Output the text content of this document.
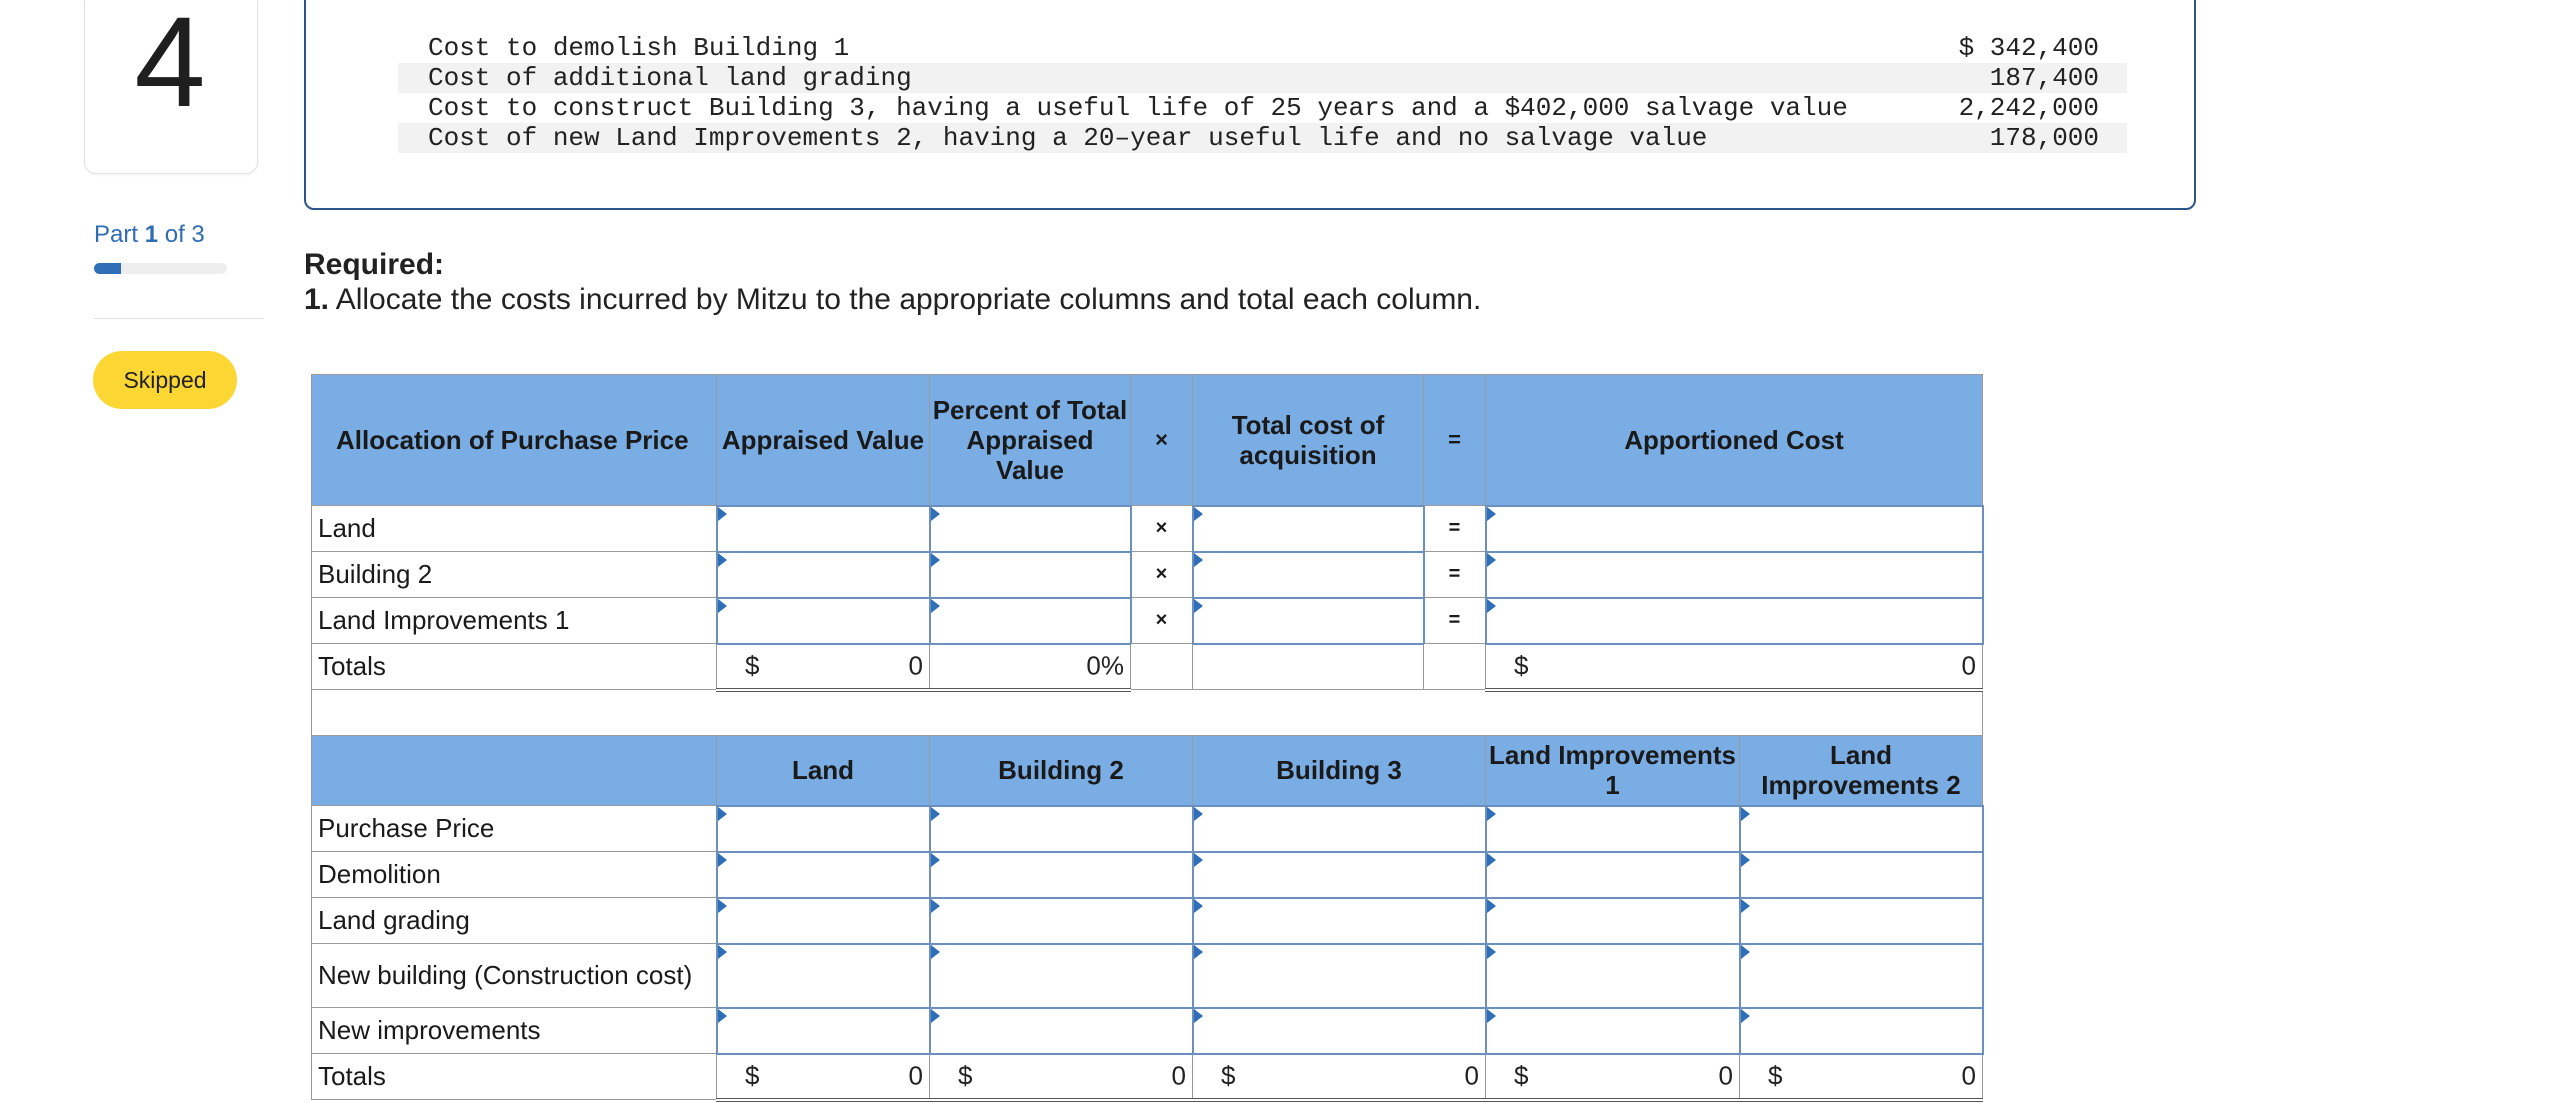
4
Part 1 of 3
Skipped
Cost to demolish Building 1	$ 342,400
Cost of additional land grading	187,400
Cost to construct Building 3, having a useful life of 25 years and a $402,000 salvage value	2,242,000
Cost of new Land Improvements 2, having a 20–year useful life and no salvage value	178,000
Required:
1. Allocate the costs incurred by Mitzu to the appropriate columns and total each column.
Allocation of Purchase Price	Appraised Value	Percent of Total Appraised Value	×	Total cost of acquisition	=	Apportioned Cost	
Land			×		=		
Building 2			×		=		
Land Improvements 1			×		=		
Totals	$ 0	0%				$ 0	

	Land	Building 2		Building 3		Land Improvements 1	Land Improvements 2
Purchase Price							
Demolition							
Land grading							
New building (Construction cost)							
New improvements							
Totals	$ 0	$ 0		$ 0		$ 0	$ 0
